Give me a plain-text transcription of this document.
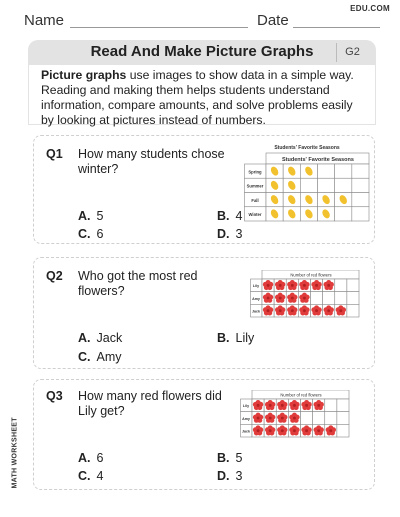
Name	Date
EDU.COM
Read And Make Picture Graphs	G2
Picture graphs use images to show data in a simple way. Reading and making them helps students understand information, compare amounts, and solve problems easily by looking at pictures instead of numbers.
Q1 How many students chose winter?
A. 5	B. 4
C. 6	D. 3
Students' Favorite Seasons
Students' Favorite Seasons
Spring
Summer
Fall
Winter
Q2 Who got the most red flowers?
A. Jack	B. Lily
C. Amy
Number of red flowers
Lily
Amy
Jack
Q3 How many red flowers did Lily get?
A. 6	B. 5
C. 4	D. 3
Number of red flowers
Lily
Amy
Jack
MATH WORKSHEET
